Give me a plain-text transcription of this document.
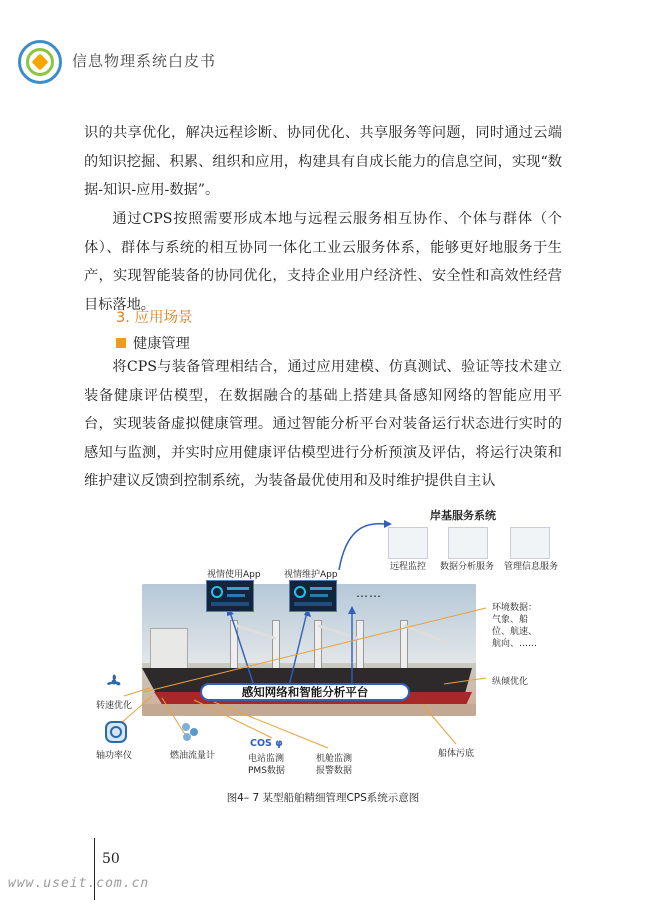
信息物理系统白皮书
识的共享优化，解决远程诊断、协同优化、共享服务等问题，同时通过云端的知识挖掘、积累、组织和应用，构建具有自成长能力的信息空间，实现“数据-知识-应用-数据”。
通过CPS按照需要形成本地与远程云服务相互协作、个体与群体（个体）、群体与系统的相互协同一体化工业云服务体系，能够更好地服务于生产，实现智能装备的协同优化，支持企业用户经济性、安全性和高效性经营目标落地。
3. 应用场景
健康管理
将CPS与装备管理相结合，通过应用建模、仿真测试、验证等技术建立装备健康评估模型，在数据融合的基础上搭建具备感知网络的智能应用平台，实现装备虚拟健康管理。通过智能分析平台对装备运行状态进行实时的感知与监测，并实时应用健康评估模型进行分析预演及评估，将运行决策和维护建议反馈到控制系统，为装备最优使用和及时维护提供自主认
岸基服务系统
远程监控 数据分析服务 管理信息服务
视情使用App	视情维护App
……
感知网络和智能分析平台
环境数据：
气象、船
位、航速、
航向、……
纵倾优化
船体污底
转速优化
轴功率仪	燃油流量计
COS φ
电站监测
PMS数据
机舱监测
报警数据
图4– 7 某型船舶精细管理CPS系统示意图
50
www.useit.com.cn
